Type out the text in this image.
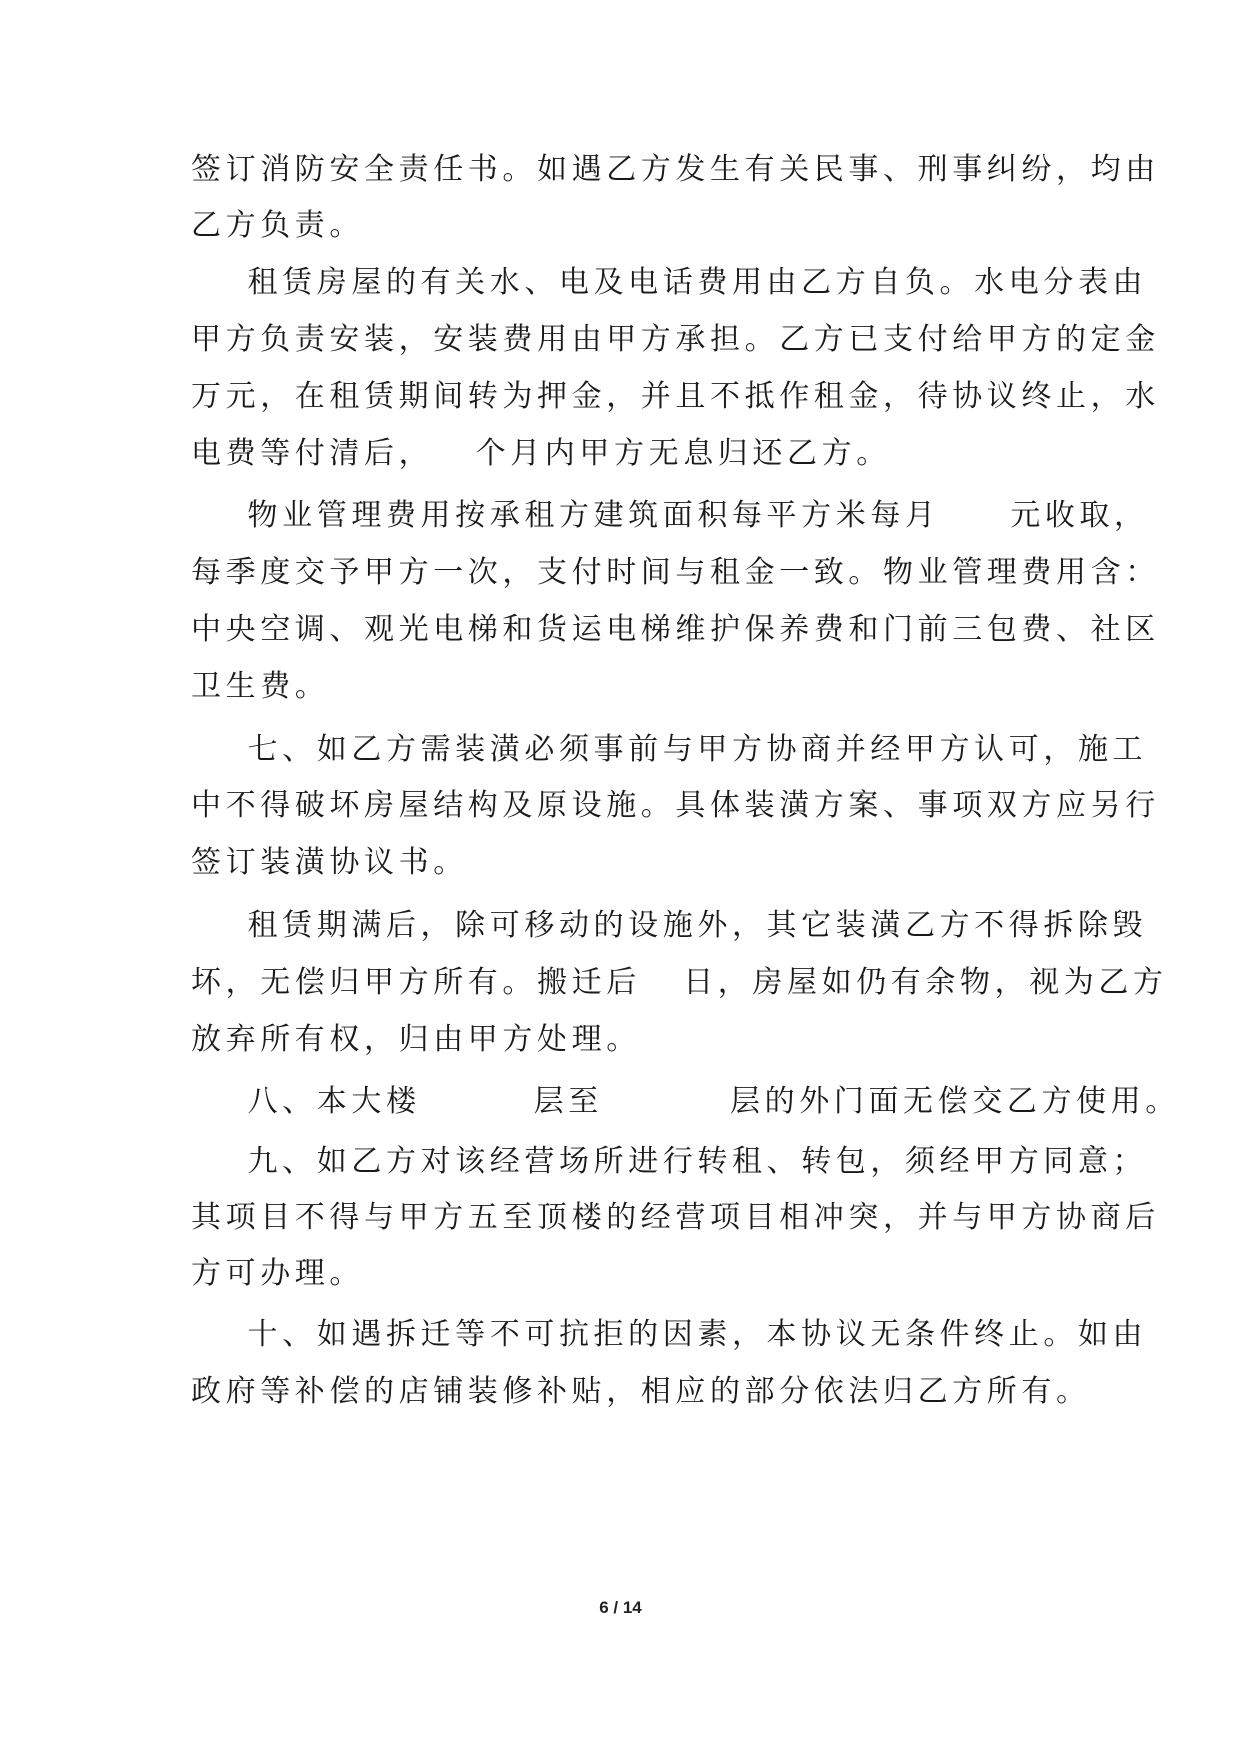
签订消防安全责任书。如遇乙方发生有关民事、刑事纠纷，均由
乙方负责。
租赁房屋的有关水、电及电话费用由乙方自负。水电分表由
甲方负责安装，安装费用由甲方承担。乙方已支付给甲方的定金
万元，在租赁期间转为押金，并且不抵作租金，待协议终止，水
电费等付清后，   个月内甲方无息归还乙方。
物业管理费用按承租方建筑面积每平方米每月     元收取，
每季度交予甲方一次，支付时间与租金一致。物业管理费用含：
中央空调、观光电梯和货运电梯维护保养费和门前三包费、社区
卫生费。
七、如乙方需装潢必须事前与甲方协商并经甲方认可，施工
中不得破坏房屋结构及原设施。具体装潢方案、事项双方应另行
签订装潢协议书。
租赁期满后，除可移动的设施外，其它装潢乙方不得拆除毁
坏，无偿归甲方所有。搬迁后   日，房屋如仍有余物，视为乙方
放弃所有权，归由甲方处理。
八、本大楼        层至         层的外门面无偿交乙方使用。
九、如乙方对该经营场所进行转租、转包，须经甲方同意；
其项目不得与甲方五至顶楼的经营项目相冲突，并与甲方协商后
方可办理。
十、如遇拆迁等不可抗拒的因素，本协议无条件终止。如由
政府等补偿的店铺装修补贴，相应的部分依法归乙方所有。
6 / 14
